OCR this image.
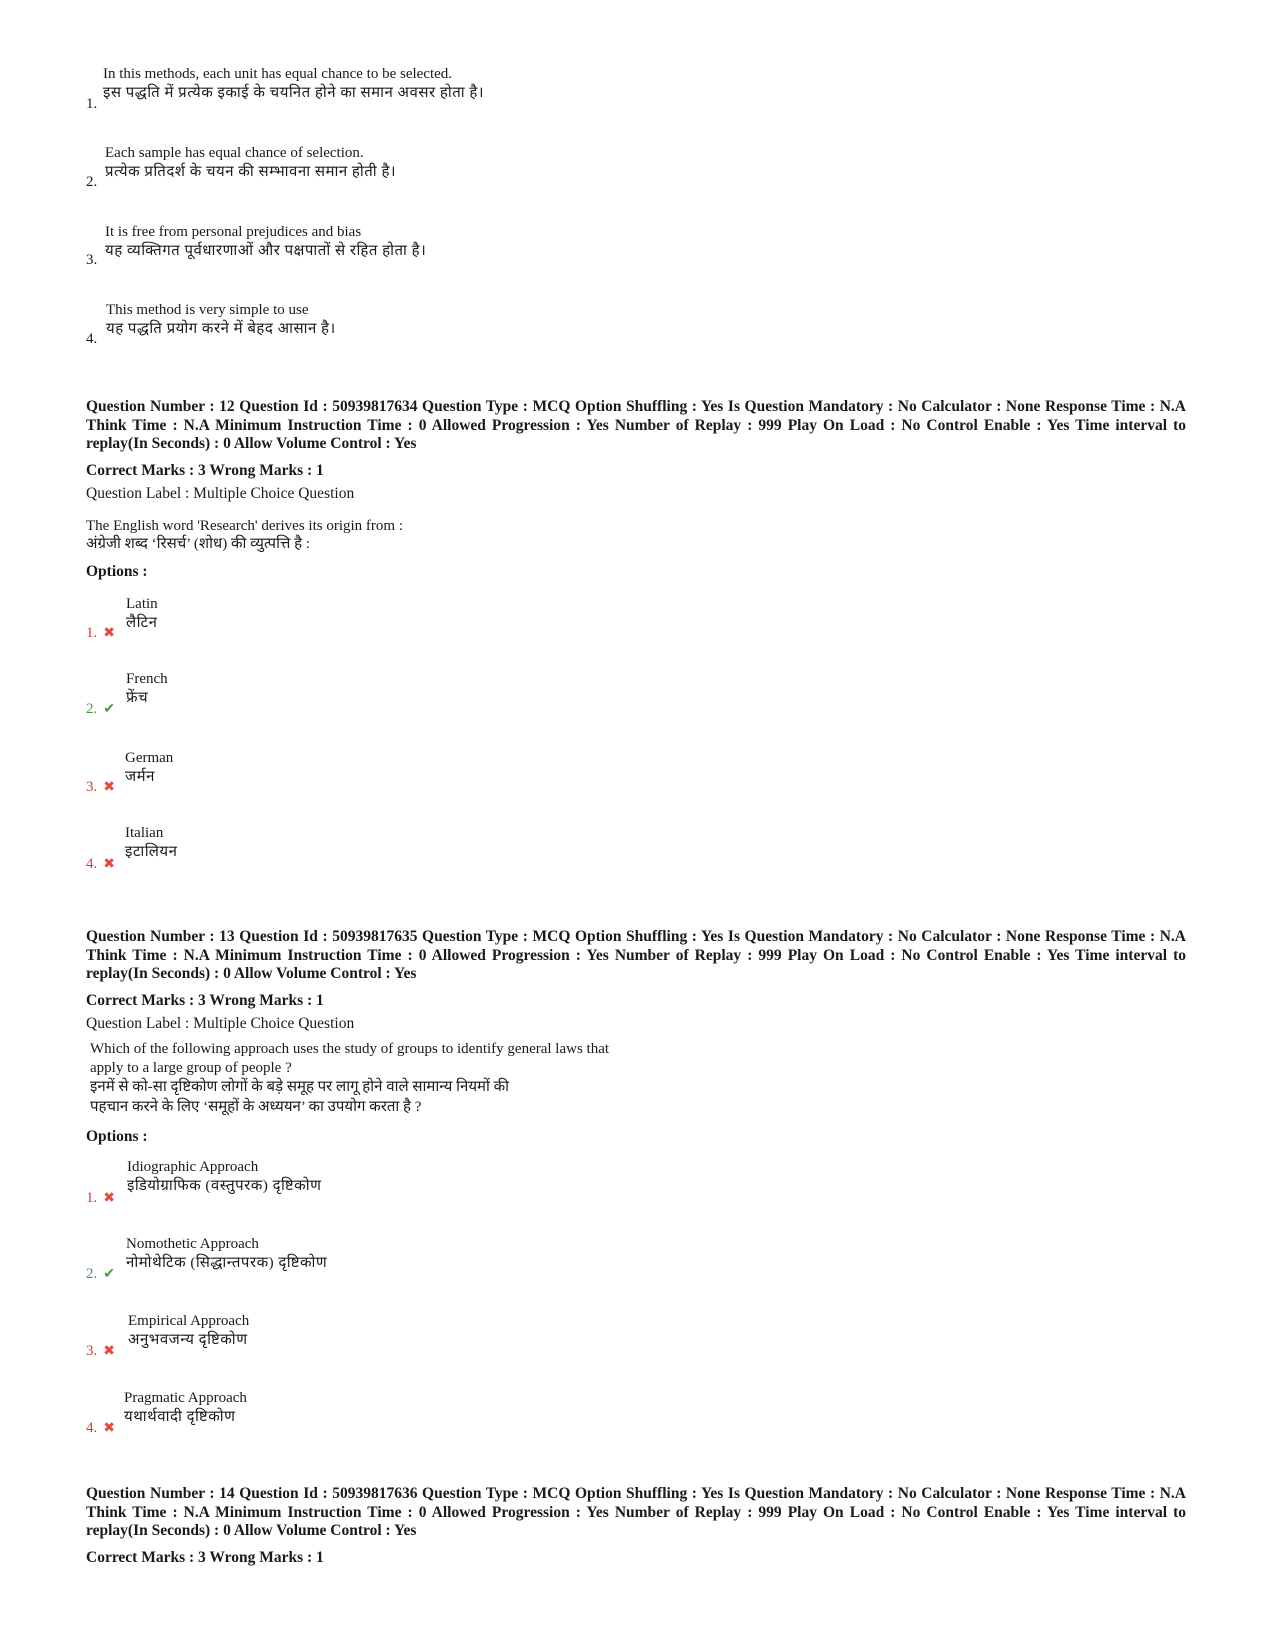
In this methods, each unit has equal chance to be selected.
इस पद्धति में प्रत्येक इकाई के चयनित होने का समान अवसर होता है।
1.
Each sample has equal chance of selection.
प्रत्येक प्रतिदर्श के चयन की सम्भावना समान होती है।
2.
It is free from personal prejudices and bias
यह व्यक्तिगत पूर्वधारणाओं और पक्षपातों से रहित होता है।
3.
This method is very simple to use
यह पद्धति प्रयोग करने में बेहद आसान है।
4.
Question Number : 12 Question Id : 50939817634 Question Type : MCQ Option Shuffling : Yes Is Question Mandatory : No Calculator : None Response Time : N.A Think Time : N.A Minimum Instruction Time : 0 Allowed Progression : Yes Number of Replay : 999 Play On Load : No Control Enable : Yes Time interval to replay(In Seconds) : 0 Allow Volume Control : Yes
Correct Marks : 3 Wrong Marks : 1
Question Label : Multiple Choice Question
The English word 'Research' derives its origin from :
अंग्रेजी शब्द ‘रिसर्च’ (शोध) की व्युत्पत्ति है :
Options :
Latin
लैटिन
1. ✖
French
फ्रेंच
2. ✔
German
जर्मन
3. ✖
Italian
इटालियन
4. ✖
Question Number : 13 Question Id : 50939817635 Question Type : MCQ Option Shuffling : Yes Is Question Mandatory : No Calculator : None Response Time : N.A Think Time : N.A Minimum Instruction Time : 0 Allowed Progression : Yes Number of Replay : 999 Play On Load : No Control Enable : Yes Time interval to replay(In Seconds) : 0 Allow Volume Control : Yes
Correct Marks : 3 Wrong Marks : 1
Question Label : Multiple Choice Question
Which of the following approach uses the study of groups to identify general laws that
apply to a large group of people ?
इनमें से को-सा दृष्टिकोण लोगों के बड़े समूह पर लागू होने वाले सामान्य नियमों की
पहचान करने के लिए ‘समूहों के अध्ययन’ का उपयोग करता है ?
Options :
Idiographic Approach
इडियोग्राफिक (वस्तुपरक) दृष्टिकोण
1. ✖
Nomothetic Approach
नोमोथेटिक (सिद्धान्तपरक) दृष्टिकोण
2. ✔
Empirical Approach
अनुभवजन्य दृष्टिकोण
3. ✖
Pragmatic Approach
यथार्थवादी दृष्टिकोण
4. ✖
Question Number : 14 Question Id : 50939817636 Question Type : MCQ Option Shuffling : Yes Is Question Mandatory : No Calculator : None Response Time : N.A Think Time : N.A Minimum Instruction Time : 0 Allowed Progression : Yes Number of Replay : 999 Play On Load : No Control Enable : Yes Time interval to replay(In Seconds) : 0 Allow Volume Control : Yes
Correct Marks : 3 Wrong Marks : 1
